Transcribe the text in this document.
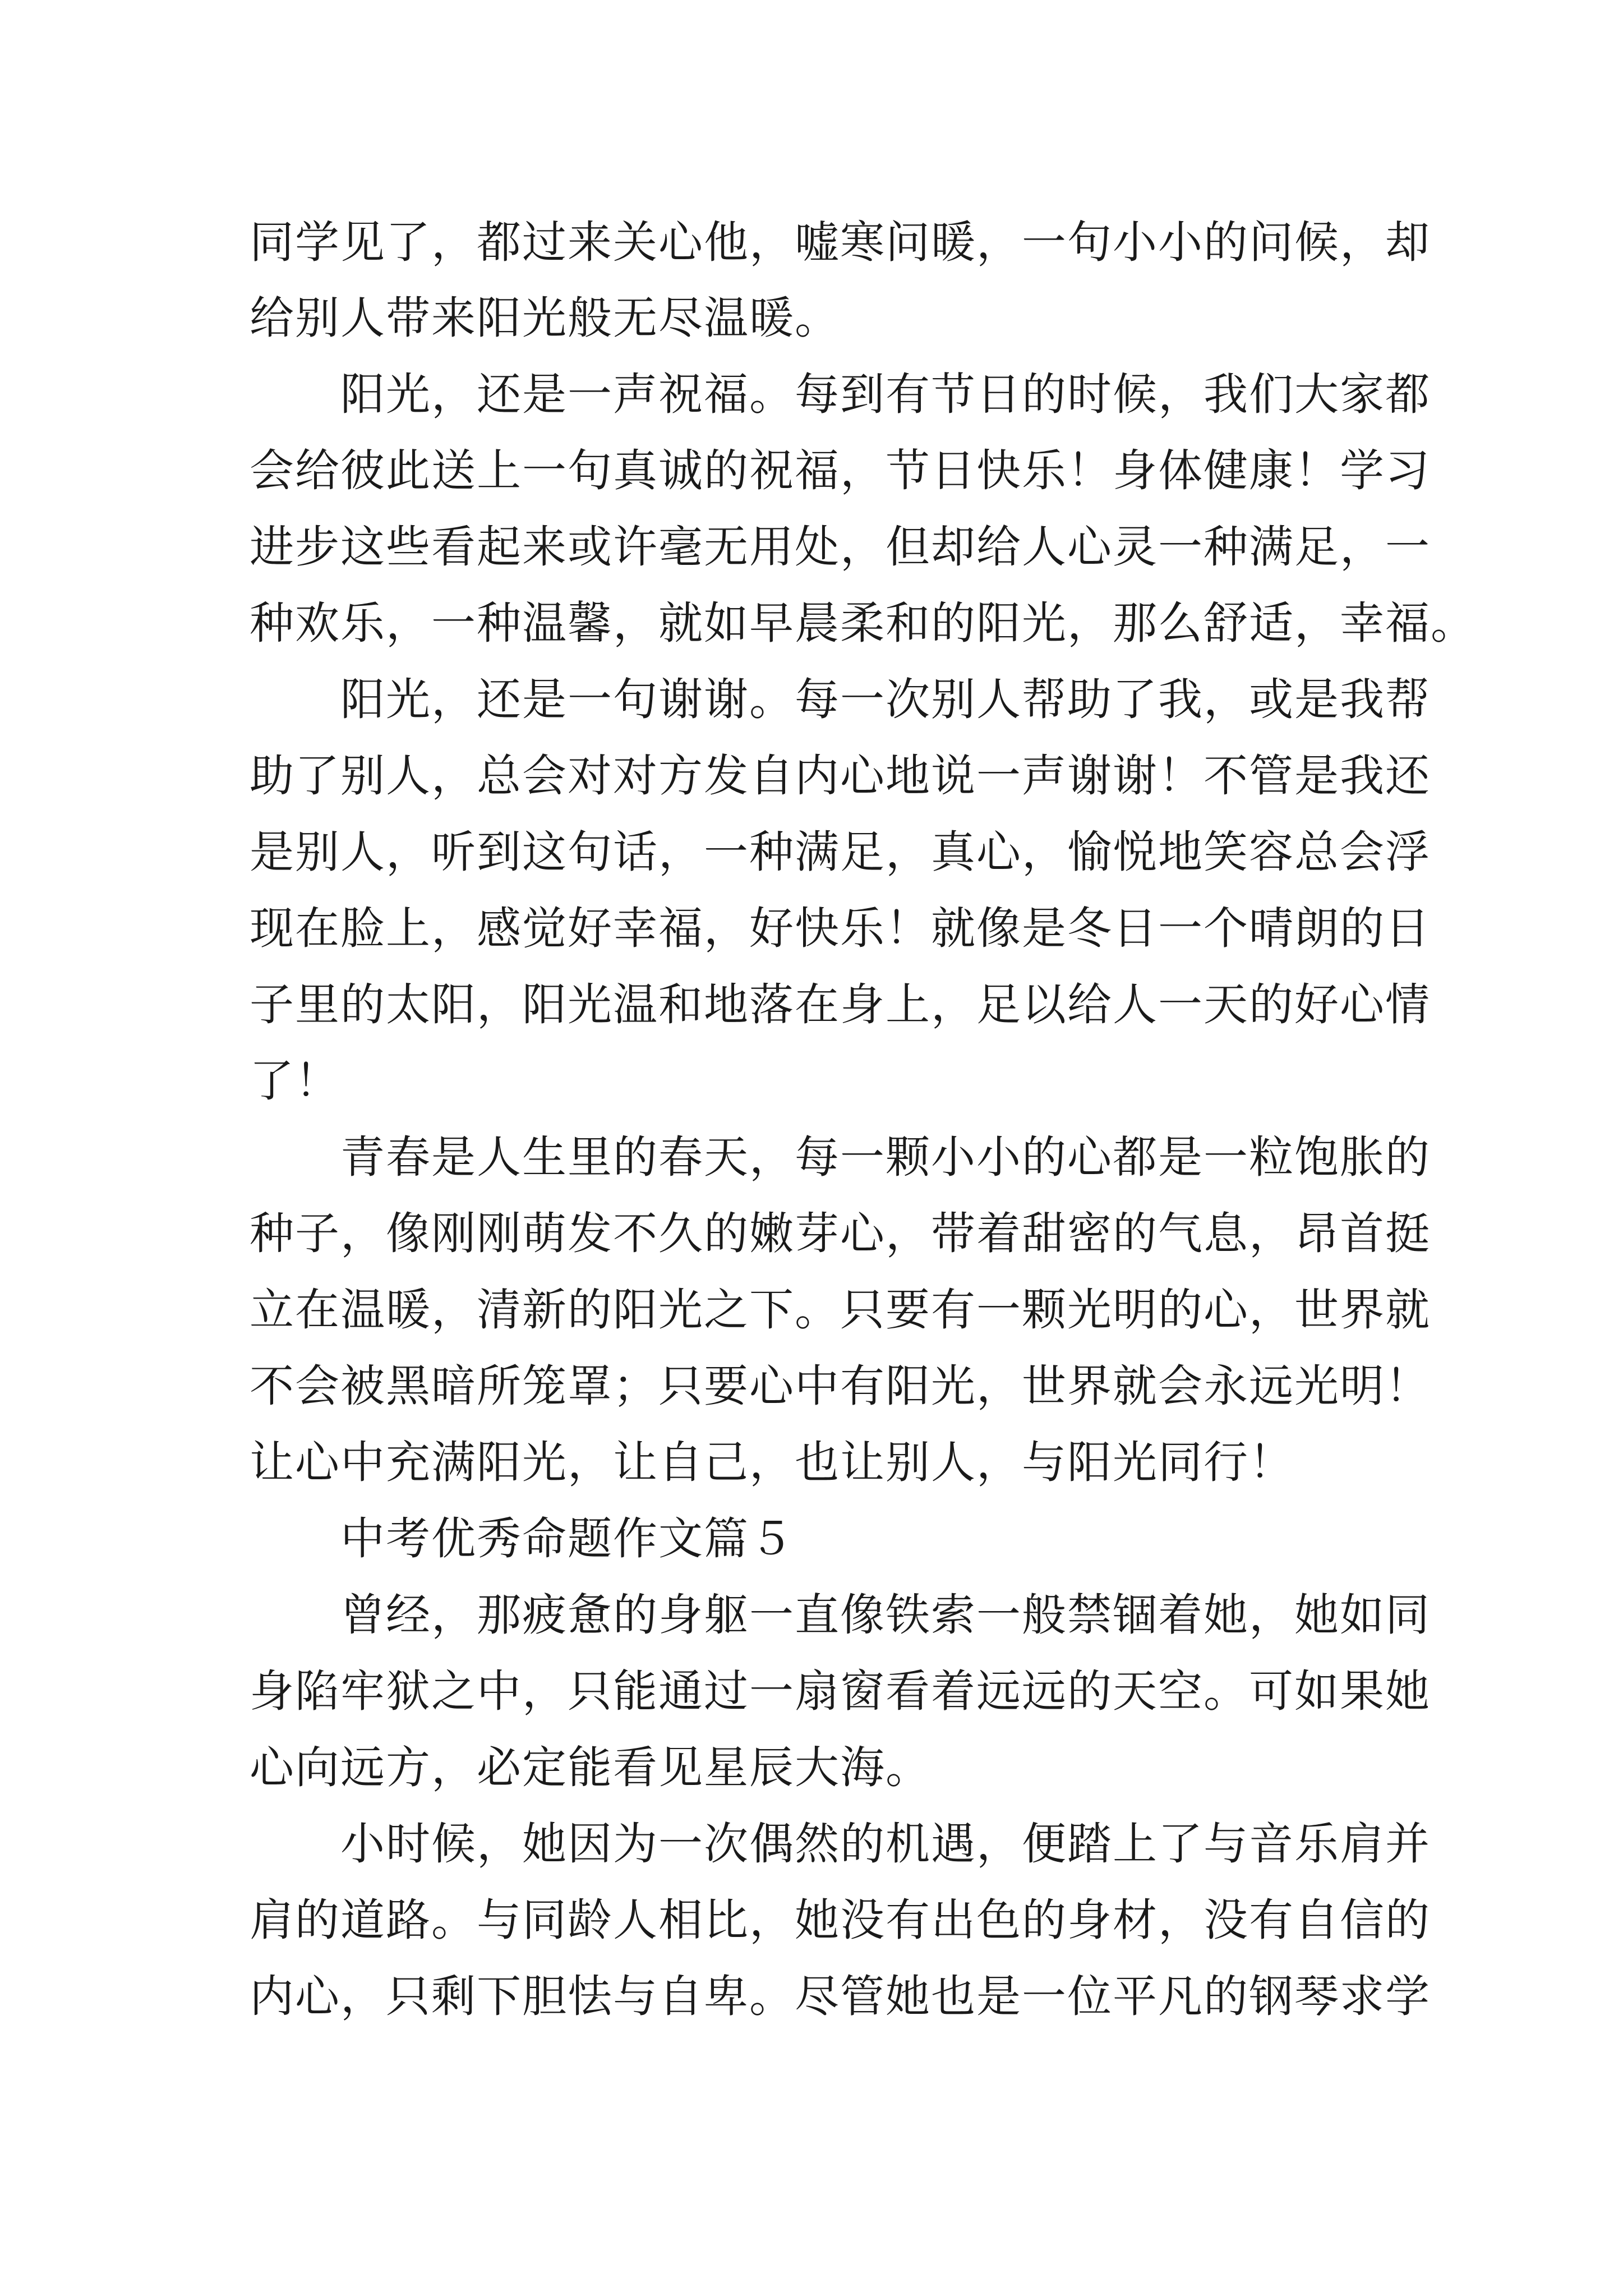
同学见了，都过来关心他，嘘寒问暖，一句小小的问候，却
给别人带来阳光般无尽温暖。
　　阳光，还是一声祝福。每到有节日的时候，我们大家都
会给彼此送上一句真诚的祝福，节日快乐！身体健康！学习
进步这些看起来或许毫无用处，但却给人心灵一种满足，一
种欢乐，一种温馨，就如早晨柔和的阳光，那么舒适，幸福。
　　阳光，还是一句谢谢。每一次别人帮助了我，或是我帮
助了别人，总会对对方发自内心地说一声谢谢！不管是我还
是别人，听到这句话，一种满足，真心，愉悦地笑容总会浮
现在脸上，感觉好幸福，好快乐！就像是冬日一个晴朗的日
子里的太阳，阳光温和地落在身上，足以给人一天的好心情
了！
　　青春是人生里的春天，每一颗小小的心都是一粒饱胀的
种子，像刚刚萌发不久的嫩芽心，带着甜密的气息，昂首挺
立在温暖，清新的阳光之下。只要有一颗光明的心，世界就
不会被黑暗所笼罩；只要心中有阳光，世界就会永远光明！
让心中充满阳光，让自己，也让别人，与阳光同行！
　　中考优秀命题作文篇５
　　曾经，那疲惫的身躯一直像铁索一般禁锢着她，她如同
身陷牢狱之中，只能通过一扇窗看着远远的天空。可如果她
心向远方，必定能看见星辰大海。
　　小时候，她因为一次偶然的机遇，便踏上了与音乐肩并
肩的道路。与同龄人相比，她没有出色的身材，没有自信的
内心，只剩下胆怯与自卑。尽管她也是一位平凡的钢琴求学
